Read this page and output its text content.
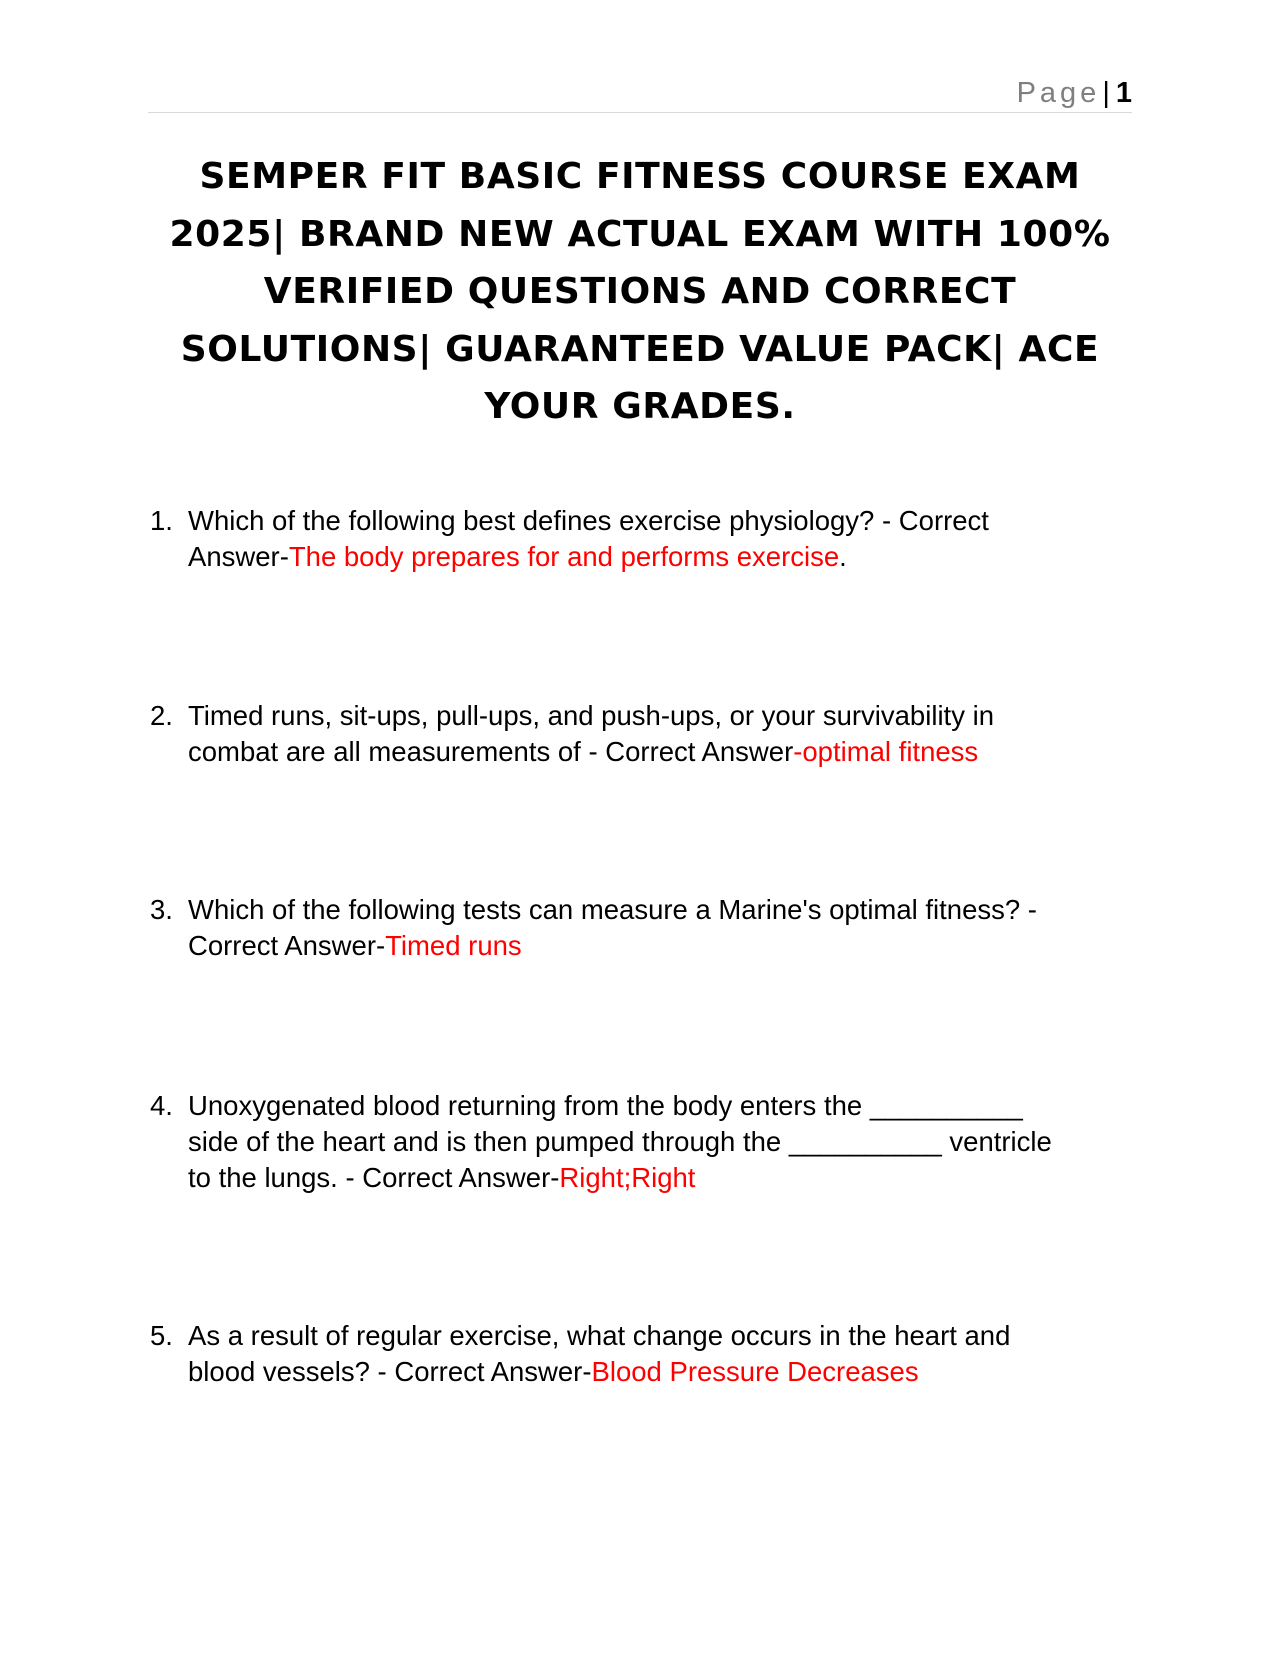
Page| 1
SEMPER FIT BASIC FITNESS COURSE EXAM 2025| BRAND NEW ACTUAL EXAM WITH 100% VERIFIED QUESTIONS AND CORRECT SOLUTIONS| GUARANTEED VALUE PACK| ACE YOUR GRADES.
1. Which of the following best defines exercise physiology? - Correct Answer-The body prepares for and performs exercise.
2. Timed runs, sit-ups, pull-ups, and push-ups, or your survivability in combat are all measurements of - Correct Answer-optimal fitness
3. Which of the following tests can measure a Marine's optimal fitness? - Correct Answer-Timed runs
4. Unoxygenated blood returning from the body enters the __________ side of the heart and is then pumped through the __________ ventricle to the lungs. - Correct Answer-Right;Right
5. As a result of regular exercise, what change occurs in the heart and blood vessels? - Correct Answer-Blood Pressure Decreases
